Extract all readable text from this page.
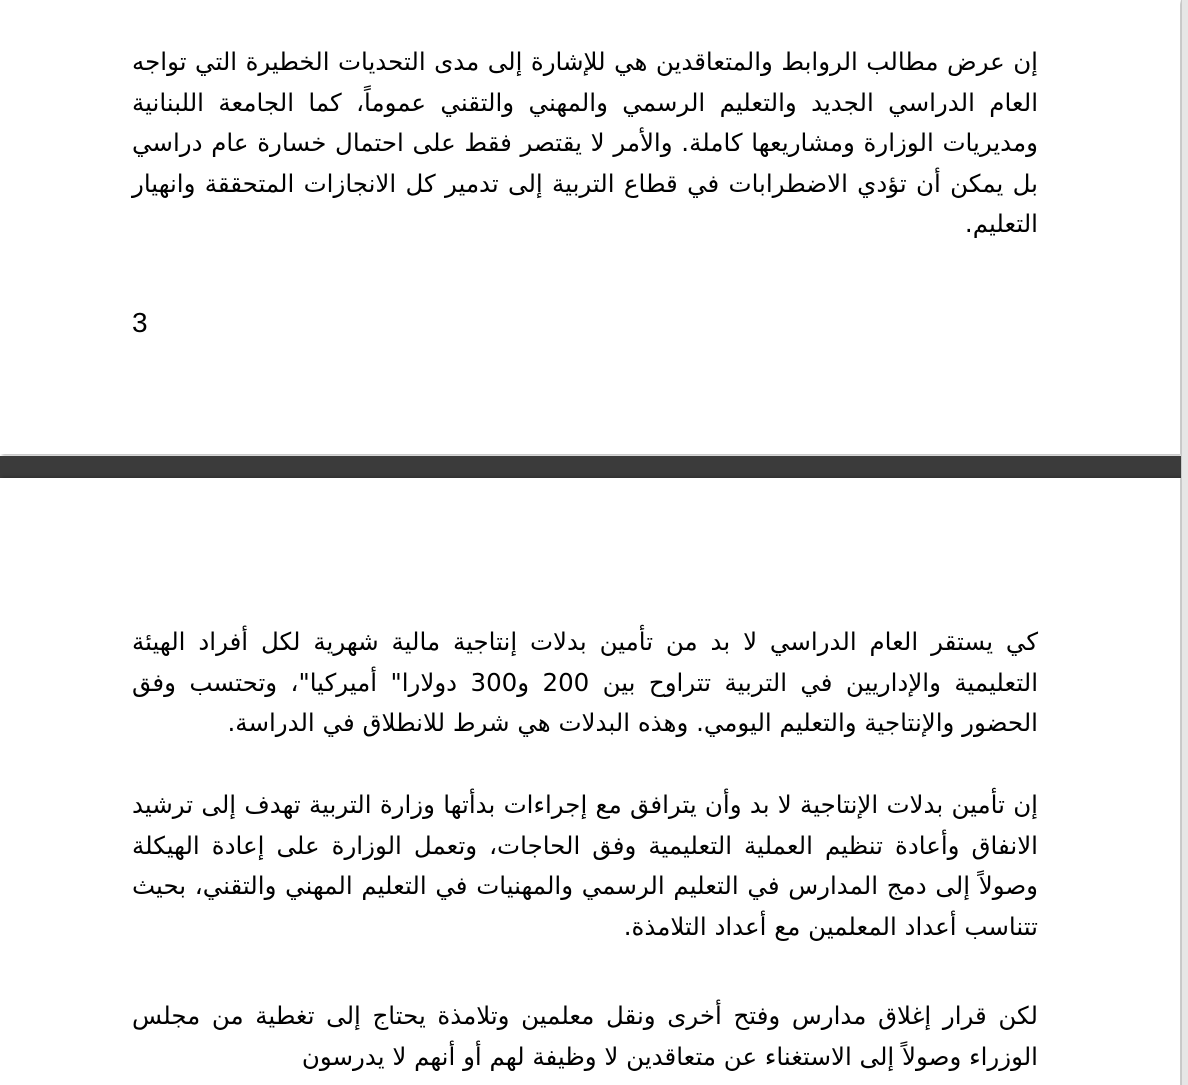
إن عرض مطالب الروابط والمتعاقدين هي للإشارة إلى مدى التحديات الخطيرة التي تواجه العام الدراسي الجديد والتعليم الرسمي والمهني والتقني عموماً، كما الجامعة اللبنانية ومديريات الوزارة ومشاريعها كاملة. والأمر لا يقتصر فقط على احتمال خسارة عام دراسي بل يمكن أن تؤدي الاضطرابات في قطاع التربية إلى تدمير كل الانجازات المتحققة وانهيار التعليم.

3

كي يستقر العام الدراسي لا بد من تأمين بدلات إنتاجية مالية شهرية لكل أفراد الهيئة التعليمية والإداريين في التربية تتراوح بين 200 و300 دولارا" أميركيا"، وتحتسب وفق الحضور والإنتاجية والتعليم اليومي. وهذه البدلات هي شرط للانطلاق في الدراسة.

إن تأمين بدلات الإنتاجية لا بد وأن يترافق مع إجراءات بدأتها وزارة التربية تهدف إلى ترشيد الانفاق وأعادة تنظيم العملية التعليمية وفق الحاجات، وتعمل الوزارة على إعادة الهيكلة وصولاً إلى دمج المدارس في التعليم الرسمي والمهنيات في التعليم المهني والتقني، بحيث تتناسب أعداد المعلمين مع أعداد التلامذة.

لكن قرار إغلاق مدارس وفتح أخرى ونقل معلمين وتلامذة يحتاج إلى تغطية من مجلس الوزراء وصولاً إلى الاستغناء عن متعاقدين لا وظيفة لهم أو أنهم لا يدرسون
